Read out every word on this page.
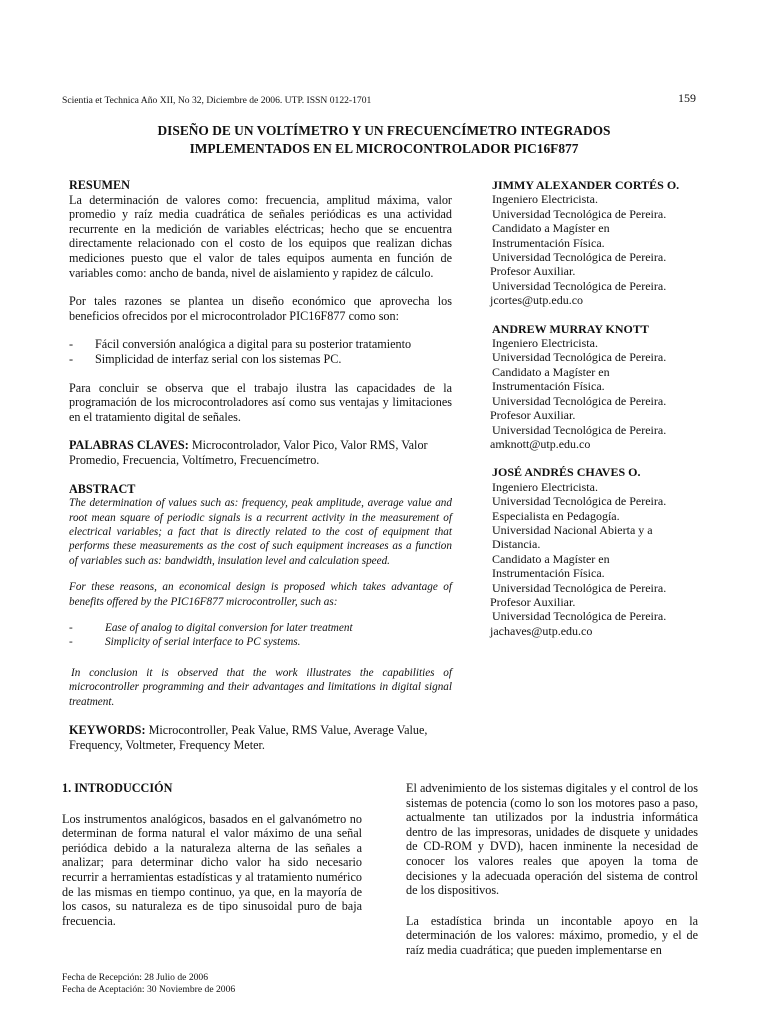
Scientia et Technica Año XII, No 32, Diciembre de 2006. UTP. ISSN 0122-1701	159
DISEÑO DE UN VOLTÍMETRO Y UN FRECUENCÍMETRO INTEGRADOS
IMPLEMENTADOS EN EL MICROCONTROLADOR PIC16F877
RESUMEN
La determinación de valores como: frecuencia, amplitud máxima, valor promedio y raíz media cuadrática de señales periódicas es una actividad recurrente en la medición de variables eléctricas; hecho que se encuentra directamente relacionado con el costo de los equipos que realizan dichas mediciones puesto que el valor de tales equipos aumenta en función de variables como: ancho de banda, nivel de aislamiento y rapidez de cálculo.
Por tales razones se plantea un diseño económico que aprovecha los beneficios ofrecidos por el microcontrolador PIC16F877 como son:
-	Fácil conversión analógica a digital para su posterior tratamiento
-	Simplicidad de interfaz serial con los sistemas PC.
Para concluir se observa que el trabajo ilustra las capacidades de la programación de los microcontroladores así como sus ventajas y limitaciones en el tratamiento digital de señales.
PALABRAS CLAVES: Microcontrolador, Valor Pico, Valor RMS, Valor Promedio, Frecuencia, Voltímetro, Frecuencímetro.
ABSTRACT
The determination of values such as: frequency, peak amplitude, average value and root mean square of periodic signals is a recurrent activity in the measurement of electrical variables; a fact that is directly related to the cost of equipment that performs these measurements as the cost of such equipment increases as a function of variables such as: bandwidth, insulation level and calculation speed.
For these reasons, an economical design is proposed which takes advantage of benefits offered by the PIC16F877 microcontroller, such as:
-	Ease of analog to digital conversion for later treatment
-	Simplicity of serial interface to PC systems.
In conclusion it is observed that the work illustrates the capabilities of microcontroller programming and their advantages and limitations in digital signal treatment.
KEYWORDS: Microcontroller, Peak Value, RMS Value, Average Value, Frequency, Voltmeter, Frequency Meter.
JIMMY ALEXANDER CORTÉS O.
Ingeniero Electricista.
Universidad Tecnológica de Pereira.
Candidato a Magíster en
Instrumentación Física.
Universidad Tecnológica de Pereira.
Profesor Auxiliar.
Universidad Tecnológica de Pereira.
jcortes@utp.edu.co
ANDREW MURRAY KNOTT
Ingeniero Electricista.
Universidad Tecnológica de Pereira.
Candidato a Magíster en
Instrumentación Física.
Universidad Tecnológica de Pereira.
Profesor Auxiliar.
Universidad Tecnológica de Pereira.
amknott@utp.edu.co
JOSÉ ANDRÉS CHAVES O.
Ingeniero Electricista.
Universidad Tecnológica de Pereira.
Especialista en Pedagogía.
Universidad Nacional Abierta y a
Distancia.
Candidato a Magíster en
Instrumentación Física.
Universidad Tecnológica de Pereira.
Profesor Auxiliar.
Universidad Tecnológica de Pereira.
jachaves@utp.edu.co
1. INTRODUCCIÓN
Los instrumentos analógicos, basados en el galvanómetro no determinan de forma natural el valor máximo de una señal periódica debido a la naturaleza alterna de las señales a analizar; para determinar dicho valor ha sido necesario recurrir a herramientas estadísticas y al tratamiento numérico de las mismas en tiempo continuo, ya que, en la mayoría de los casos, su naturaleza es de tipo sinusoidal puro de baja frecuencia.
El advenimiento de los sistemas digitales y el control de los sistemas de potencia (como lo son los motores paso a paso, actualmente tan utilizados por la industria informática dentro de las impresoras, unidades de disquete y unidades de CD-ROM y DVD), hacen inminente la necesidad de conocer los valores reales que apoyen la toma de decisiones y la adecuada operación del sistema de control de los dispositivos.
La estadística brinda un incontable apoyo en la determinación de los valores: máximo, promedio, y el de raíz media cuadrática; que pueden implementarse en
Fecha de Recepción: 28 Julio de 2006
Fecha de Aceptación: 30 Noviembre de 2006
